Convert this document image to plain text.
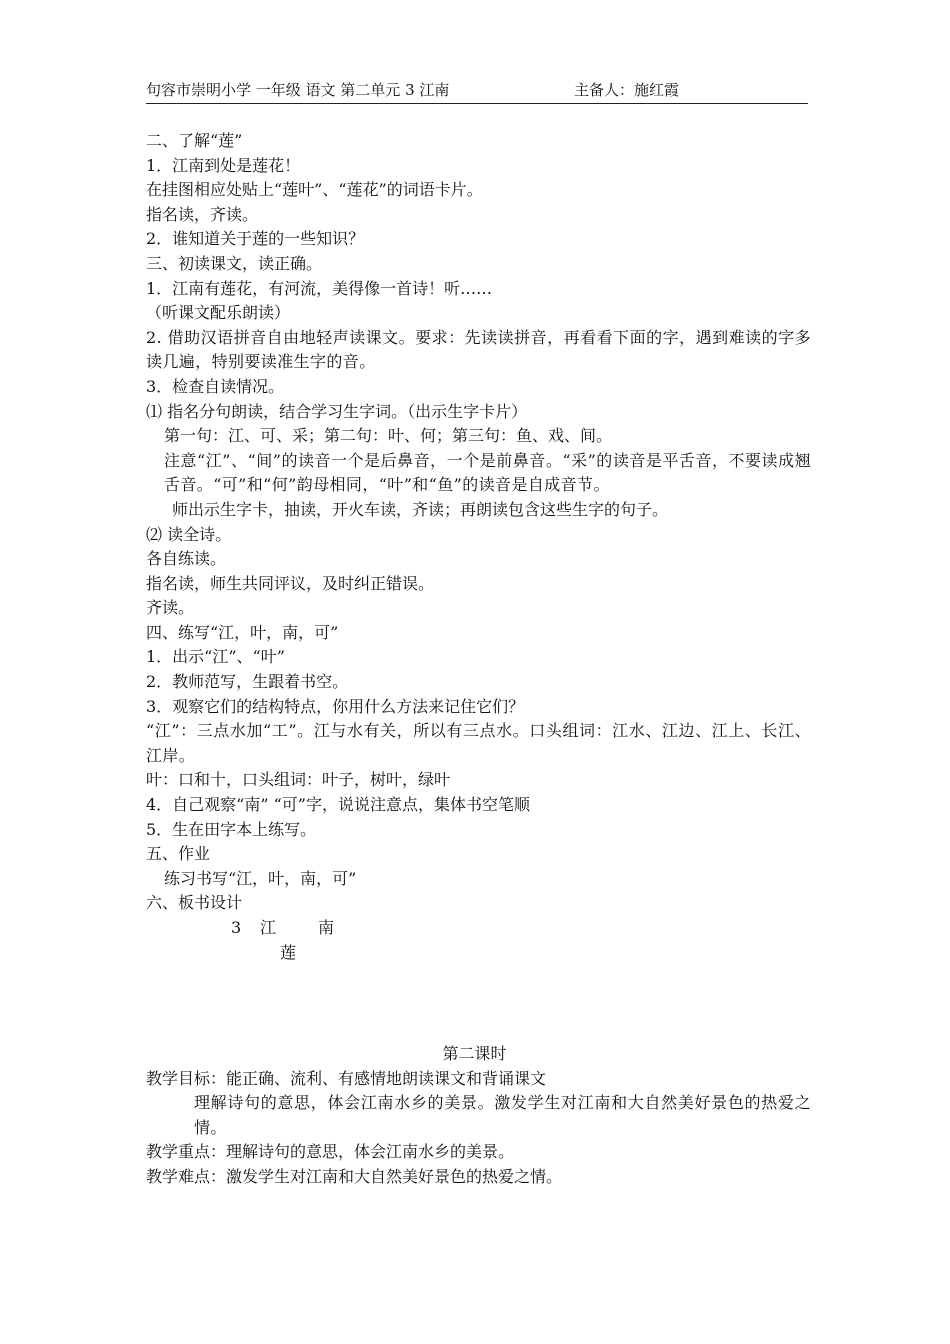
句容市崇明小学 一年级 语文 第二单元 3 江南	主备人：施红霞

二、了解“莲”

1．江南到处是莲花！

在挂图相应处贴上“莲叶”、“莲花”的词语卡片。

指名读，齐读。

2．谁知道关于莲的一些知识？

三、初读课文，读正确。

1．江南有莲花，有河流，美得像一首诗！听……

（听课文配乐朗读）

2. 借助汉语拼音自由地轻声读课文。要求：先读读拼音，再看看下面的字，遇到难读的字多读几遍，特别要读准生字的音。

3．检查自读情况。

⑴ 指名分句朗读，结合学习生字词。（出示生字卡片）

第一句：江、可、采；第二句：叶、何；第三句：鱼、戏、间。

注意“江”、“间”的读音一个是后鼻音，一个是前鼻音。“采”的读音是平舌音，不要读成翘舌音。“可”和“何”韵母相同，“叶”和“鱼”的读音是自成音节。

师出示生字卡，抽读，开火车读，齐读；再朗读包含这些生字的句子。

⑵ 读全诗。

各自练读。

指名读，师生共同评议，及时纠正错误。

齐读。

四、练写“江，叶，南，可”

1．出示“江”、“叶”

2．教师范写，生跟着书空。

3．观察它们的结构特点，你用什么方法来记住它们？

“江”：三点水加“工”。江与水有关，所以有三点水。口头组词：江水、江边、江上、长江、江岸。

叶：口和十，口头组词：叶子，树叶，绿叶

4．自己观察“南” “可”字，说说注意点，集体书空笔顺

5．生在田字本上练写。

五、作业

练习书写“江，叶，南，可”

六、板书设计

3 江	南
莲

第二课时

教学目标：能正确、流利、有感情地朗读课文和背诵课文

理解诗句的意思，体会江南水乡的美景。激发学生对江南和大自然美好景色的热爱之情。

教学重点：理解诗句的意思，体会江南水乡的美景。

教学难点：激发学生对江南和大自然美好景色的热爱之情。
